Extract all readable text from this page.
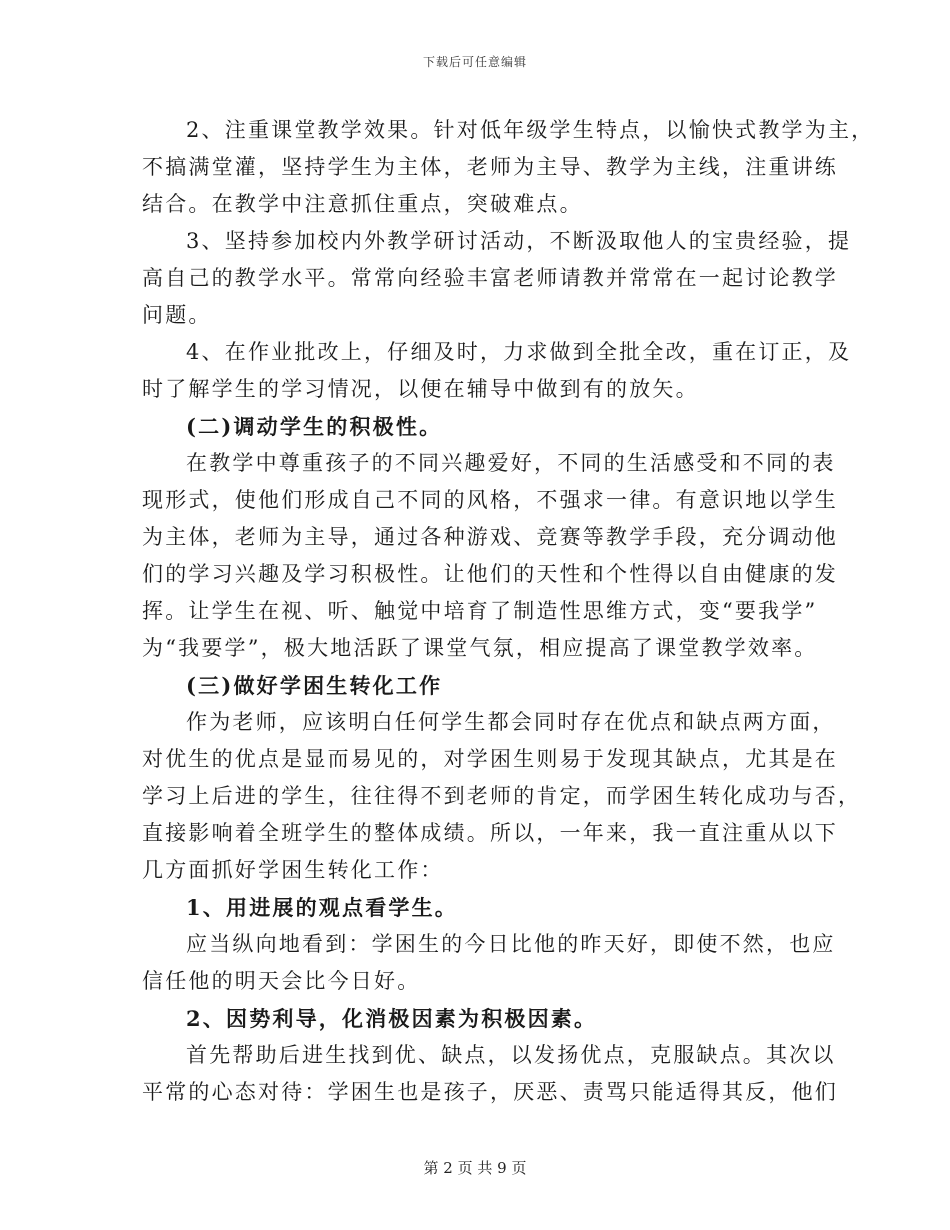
下载后可任意编辑
2、注重课堂教学效果。针对低年级学生特点，以愉快式教学为主，
不搞满堂灌，坚持学生为主体，老师为主导、教学为主线，注重讲练
结合。在教学中注意抓住重点，突破难点。
3、坚持参加校内外教学研讨活动，不断汲取他人的宝贵经验，提
高自己的教学水平。常常向经验丰富老师请教并常常在一起讨论教学
问题。
4、在作业批改上，仔细及时，力求做到全批全改，重在订正，及
时了解学生的学习情况，以便在辅导中做到有的放矢。
(二)调动学生的积极性。
在教学中尊重孩子的不同兴趣爱好，不同的生活感受和不同的表
现形式，使他们形成自己不同的风格，不强求一律。有意识地以学生
为主体，老师为主导，通过各种游戏、竞赛等教学手段，充分调动他
们的学习兴趣及学习积极性。让他们的天性和个性得以自由健康的发
挥。让学生在视、听、触觉中培育了制造性思维方式，变“要我学”
为“我要学”，极大地活跃了课堂气氛，相应提高了课堂教学效率。
(三)做好学困生转化工作
作为老师，应该明白任何学生都会同时存在优点和缺点两方面，
对优生的优点是显而易见的，对学困生则易于发现其缺点，尤其是在
学习上后进的学生，往往得不到老师的肯定，而学困生转化成功与否，
直接影响着全班学生的整体成绩。所以，一年来，我一直注重从以下
几方面抓好学困生转化工作：
1、用进展的观点看学生。
应当纵向地看到：学困生的今日比他的昨天好，即使不然，也应
信任他的明天会比今日好。
2、因势利导，化消极因素为积极因素。
首先帮助后进生找到优、缺点，以发扬优点，克服缺点。其次以
平常的心态对待：学困生也是孩子，厌恶、责骂只能适得其反，他们
第 2 页 共 9 页
